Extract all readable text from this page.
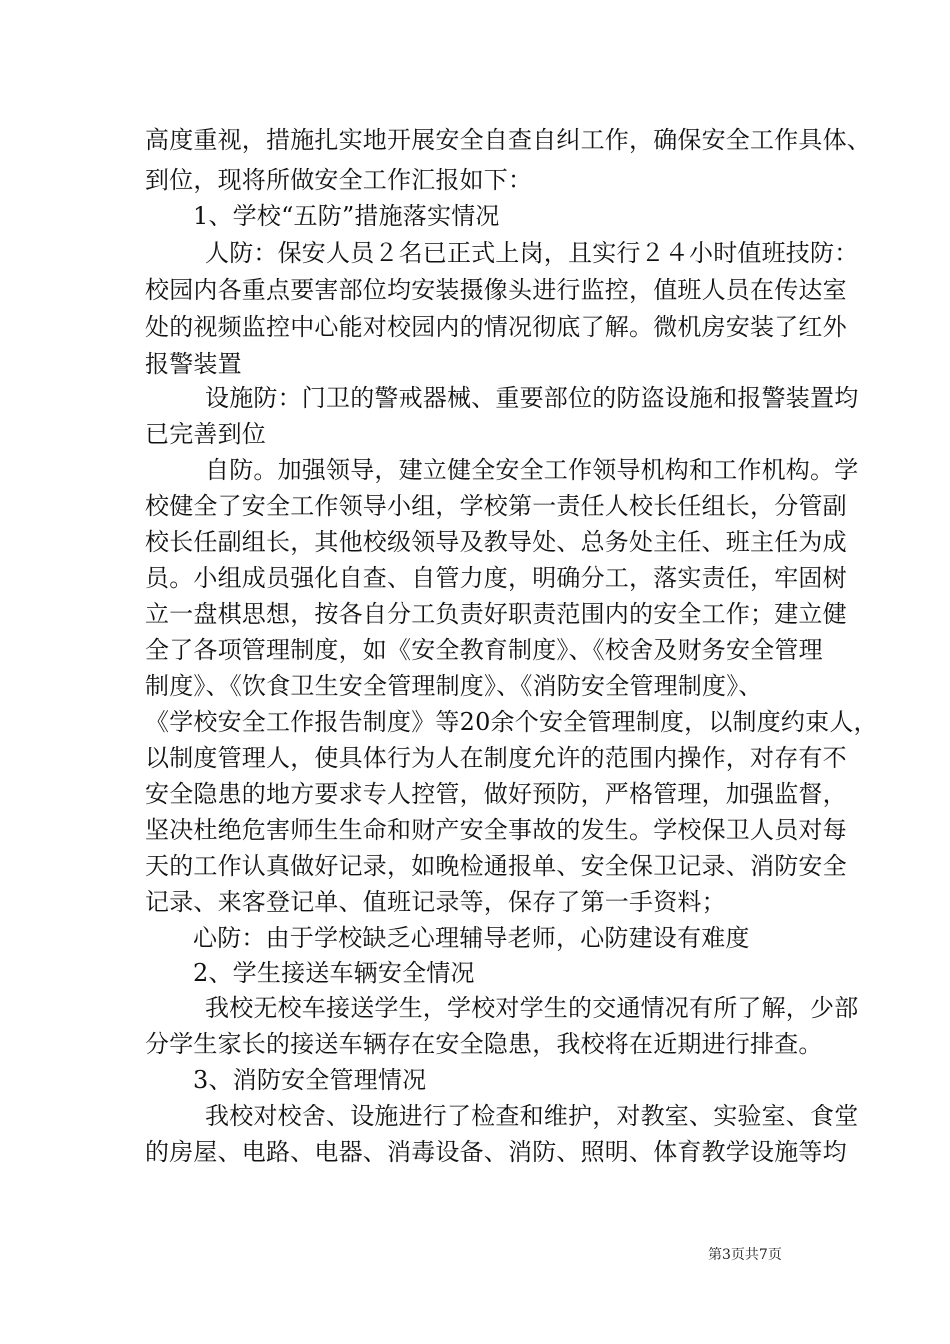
高度重视，措施扎实地开展安全自查自纠工作，确保安全工作具体、
到位，现将所做安全工作汇报如下：
1、学校“五防”措施落实情况
人防：保安人员２名已正式上岗，且实行２４小时值班技防：
校园内各重点要害部位均安装摄像头进行监控，值班人员在传达室
处的视频监控中心能对校园内的情况彻底了解。微机房安装了红外
报警装置
设施防：门卫的警戒器械、重要部位的防盗设施和报警装置均
已完善到位
自防。加强领导，建立健全安全工作领导机构和工作机构。学
校健全了安全工作领导小组，学校第一责任人校长任组长，分管副
校长任副组长，其他校级领导及教导处、总务处主任、班主任为成
员。小组成员强化自查、自管力度，明确分工，落实责任，牢固树
立一盘棋思想，按各自分工负责好职责范围内的安全工作；建立健
全了各项管理制度，如《安全教育制度》、《校舍及财务安全管理
制度》、《饮食卫生安全管理制度》、《消防安全管理制度》、
《学校安全工作报告制度》等20余个安全管理制度，以制度约束人，
以制度管理人，使具体行为人在制度允许的范围内操作，对存有不
安全隐患的地方要求专人控管，做好预防，严格管理，加强监督，
坚决杜绝危害师生生命和财产安全事故的发生。学校保卫人员对每
天的工作认真做好记录，如晚检通报单、安全保卫记录、消防安全
记录、来客登记单、值班记录等，保存了第一手资料；
心防：由于学校缺乏心理辅导老师，心防建设有难度
2、学生接送车辆安全情况
我校无校车接送学生，学校对学生的交通情况有所了解，少部
分学生家长的接送车辆存在安全隐患，我校将在近期进行排查。
3、消防安全管理情况
我校对校舍、设施进行了检查和维护，对教室、实验室、食堂
的房屋、电路、电器、消毒设备、消防、照明、体育教学设施等均
第3页共7页
